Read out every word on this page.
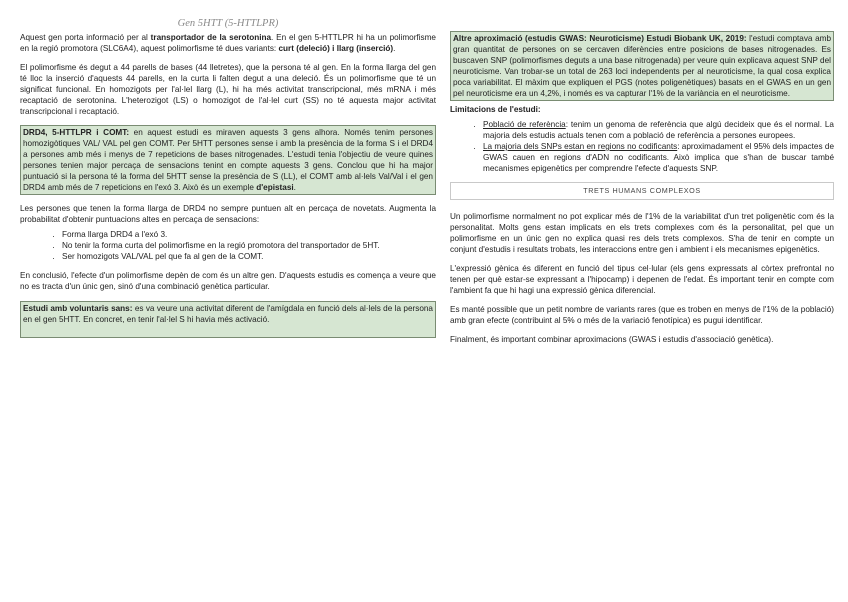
Gen 5HTT (5-HTTLPR)

Aquest gen porta informació per al transportador de la serotonina. En el gen 5-HTTLPR hi ha un polimorfisme en la regió promotora (SLC6A4), aquest polimorfisme té dues variants: curt (deleció) i llarg (inserció).

El polimorfisme és degut a 44 parells de bases (44 lletretes), que la persona té al gen. En la forma llarga del gen té lloc la inserció d'aquests 44 parells, en la curta li falten degut a una deleció. És un polimorfisme que té un significat funcional. En homozigots per l'al·lel llarg (L), hi ha més activitat transcripcional, més mRNA i més recaptació de serotonina. L'heterozigot (LS) o homozigot de l'al·lel curt (SS) no té aquesta major activitat transcripcional i recaptació.

DRD4, 5-HTTLPR i COMT: en aquest estudi es miraven aquests 3 gens alhora. Només tenim persones homozigòtiques VAL/ VAL pel gen COMT. Per 5HTT persones sense i amb la presència de la forma S i el DRD4 a persones amb més i menys de 7 repeticions de bases nitrogenades. L'estudi tenia l'objectiu de veure quines persones tenien major percaça de sensacions tenint en compte aquests 3 gens. Conclou que hi ha major puntuació si la persona té la forma del 5HTT sense la presència de S (LL), el COMT amb al·lels Val/Val i el gen DRD4 amb més de 7 repeticions en l'exó 3. Això és un exemple d'epistasi.

Les persones que tenen la forma llarga de DRD4 no sempre puntuen alt en percaça de novetats. Augmenta la probabilitat d'obtenir puntuacions altes en percaça de sensacions:

• Forma llarga DRD4 a l'exó 3.
• No tenir la forma curta del polimorfisme en la regió promotora del transportador de 5HT.
• Ser homozigots VAL/VAL pel que fa al gen de la COMT.

En conclusió, l'efecte d'un polimorfisme depèn de com és un altre gen. D'aquests estudis es comença a veure que no es tracta d'un únic gen, sinó d'una combinació genètica particular.

Estudi amb voluntaris sans: es va veure una activitat diferent de l'amígdala en funció dels al·lels de la persona en el gen 5HTT. En concret, en tenir l'al·lel S hi havia més activació.

Altre aproximació (estudis GWAS: Neuroticisme) Estudi Biobank UK, 2019: l'estudi comptava amb gran quantitat de persones on se cercaven diferències entre posicions de bases nitrogenades. Es buscaven SNP (polimorfismes deguts a una base nitrogenada) per veure quin explicava aquest SNP del neuroticisme. Van trobar-se un total de 263 loci independents per al neuroticisme, la qual cosa explica poca variabilitat. El màxim que expliquen el PGS (notes poligenètiques) basats en el GWAS en un gen pel neuroticisme era un 4,2%, i només es va capturar l'1% de la variància en el neuroticisme.

Limitacions de l'estudi:

• Població de referència: tenim un genoma de referència que algú decideix que és el normal. La majoria dels estudis actuals tenen com a població de referència a persones europees.
• La majoria dels SNPs estan en regions no codificants: aproximadament el 95% dels impactes de GWAS cauen en regions d'ADN no codificants. Això implica que s'han de buscar també mecanismes epigenètics per comprendre l'efecte d'aquests SNP.
TRETS HUMANS COMPLEXOS

Un polimorfisme normalment no pot explicar més de l'1% de la variabilitat d'un tret poligenètic com és la personalitat. Molts gens estan implicats en els trets complexes com és la personalitat, pel que un polimorfisme en un únic gen no explica quasi res dels trets complexos. S'ha de tenir en compte un conjunt d'estudis i resultats trobats, les interaccions entre gen i ambient i els mecanismes epigenètics.

L'expressió gènica és diferent en funció del tipus cel·lular (els gens expressats al còrtex prefrontal no tenen per què estar-se expressant a l'hipocamp) i depenen de l'edat. És important tenir en compte com l'ambient fa que hi hagi una expressió gènica diferencial.

Es manté possible que un petit nombre de variants rares (que es troben en menys de l'1% de la població) amb gran efecte (contribuint al 5% o més de la variació fenotípica) es pugui identificar.

Finalment, és important combinar aproximacions (GWAS i estudis d'associació genètica).
